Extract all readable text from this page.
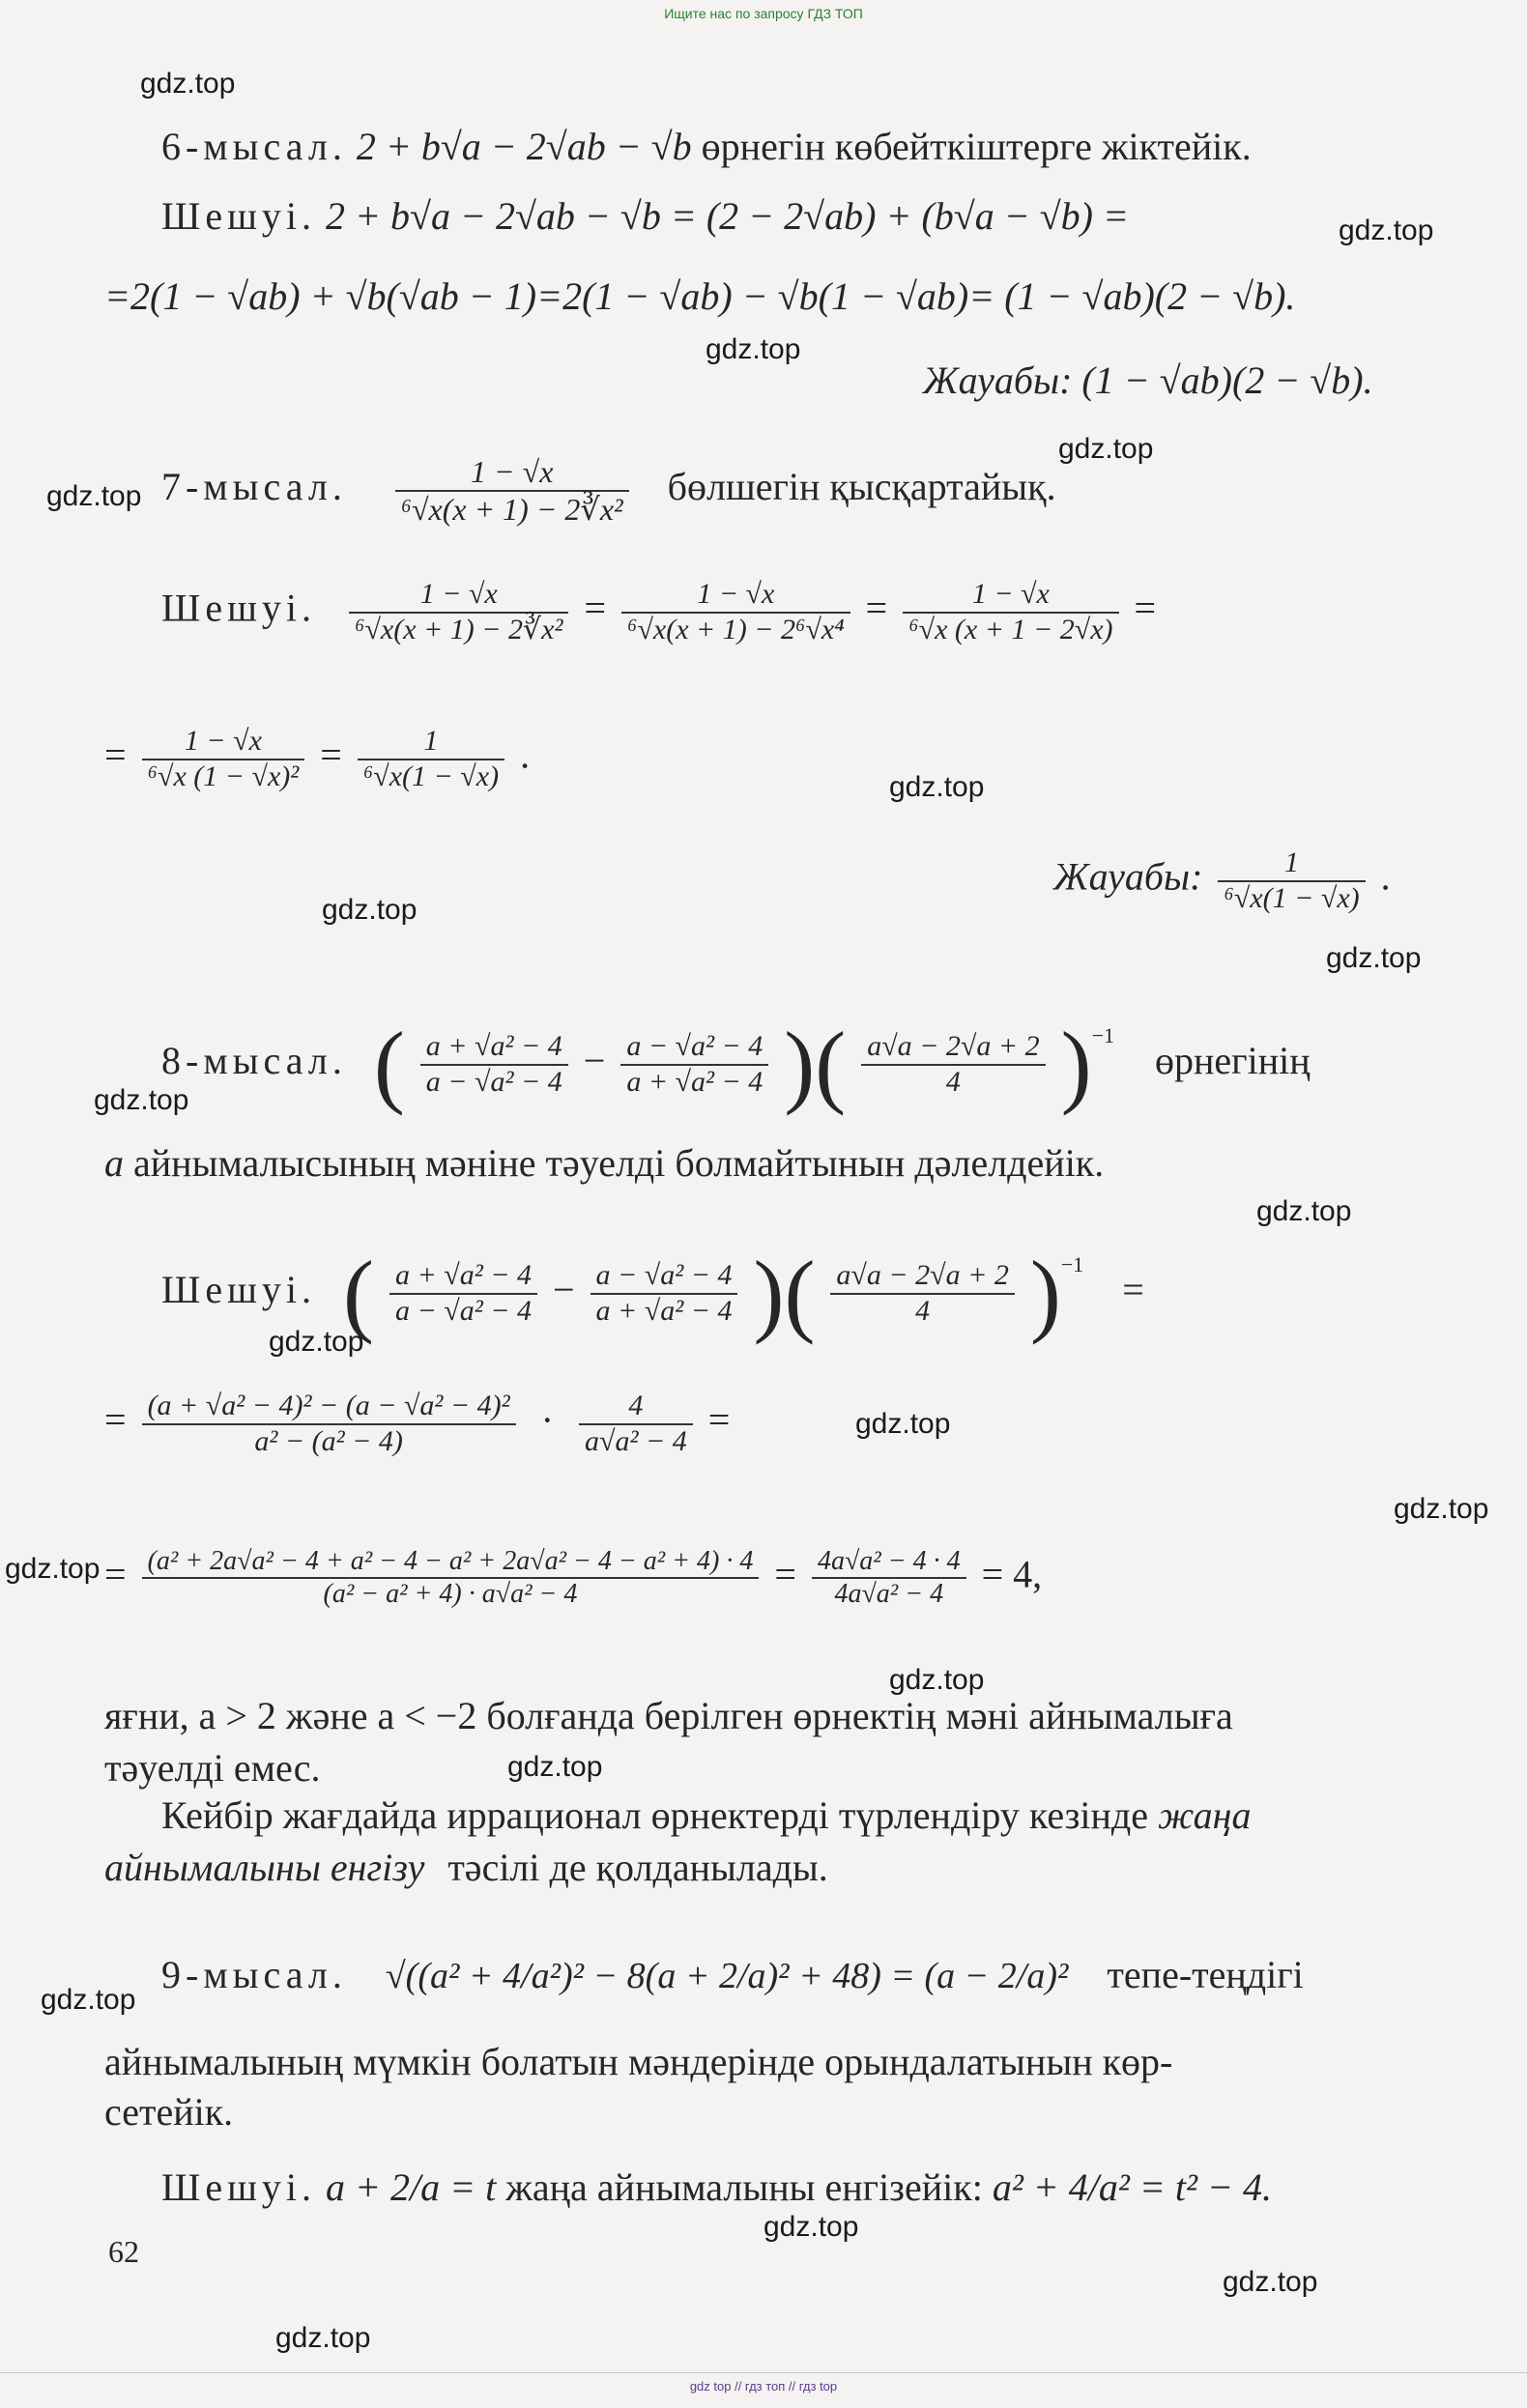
Ищите нас по запросу ГДЗ ТОП
gdz top // гдз топ // гдз top
gdz.top
gdz.top
gdz.top
gdz.top
gdz.top
gdz.top
gdz.top
gdz.top
gdz.top
gdz.top
gdz.top
gdz.top
gdz.top
gdz.top
gdz.top
gdz.top
gdz.top
gdz.top
gdz.top
gdz.top
6-мысал. 2 + b√a − 2√ab − √b өрнегін көбейткіштерге жіктейік.
Шешуі. 2 + b√a − 2√ab − √b = (2 − 2√ab) + (b√a − √b) =
=2(1 − √ab) + √b(√ab − 1)=2(1 − √ab) − √b(1 − √ab)= (1 − √ab)(2 − √b).
Жауабы: (1 − √ab)(2 − √b).
7-мысал. $\frac{1 - √x}{\text{⁶√x(x + 1) − 2∛x²}}$ бөлшегін қысқартайық.
Шешуі. $\frac{1 - √x}{\text{⁶√x(x + 1) − 2∛x²}} = \frac{1 - √x}{\text{⁶√x(x + 1) − 2⁶√x⁴}} = \frac{1 - √x}{\text{⁶√x (x + 1 − 2√x)}}$ =
= $\frac{1 - √x}{\text{⁶√x (1 − √x)²}} = \frac{1}{\text{⁶√x(1 − √x)}}$ .
Жауабы: $\frac{1}{\text{⁶√x(1 − √x)}}$ .
8-мысал. ( $\frac{\text{a + √a² − 4}}{\text{a − √a² − 4}} - \frac{\text{a − √a² − 4}}{\text{a + √a² − 4}}$ )( $\frac{a√a - 2√a + 2}{4} )^{-1}$ өрнегінің
a айнымалысының мəніне тəуелді болмайтынын дəлелдейік.
Шешуі. ( $\frac{\text{a + √a² − 4}}{\text{a − √a² − 4}} - \frac{\text{a − √a² − 4}}{\text{a + √a² − 4}}$ )( $\frac{a√a - 2√a + 2}{4} )^{-1}$ =
= $\frac{\text{(a + √a² − 4)² − (a − √a² − 4)²}}{\text{a² − (a² − 4)}} \cdot \frac{4}{\text{a√a² − 4}}$ =
= $\frac{\text{(a² + 2a√a² − 4 + a² − 4 − a² + 2a√a² − 4 − a² + 4) · 4}}{\text{(a² − a² + 4) · a√a² − 4}} = \frac{\text{4a√a² − 4 · 4}}{\text{4a√a² − 4}} = 4$,
яғни, a > 2 жəне a < −2 болғанда берілген өрнектің мəні айнымалыға
тəуелді емес.
Кейбір жағдайда иррационал өрнектерді түрлендіру кезінде жаңа
айнымалыны енгізу тəсілі де қолданылады.
9-мысал. √((a² + 4/a²)² − 8(a + 2/a)² + 48) = (a − 2/a)² тепе-теңдігі
айнымалының мүмкін болатын мəндерінде орындалатынын көр-
сетейік.
Шешуі. a + 2/a = t жаңа айнымалыны енгізейік: a² + 4/a² = t² − 4.
62
